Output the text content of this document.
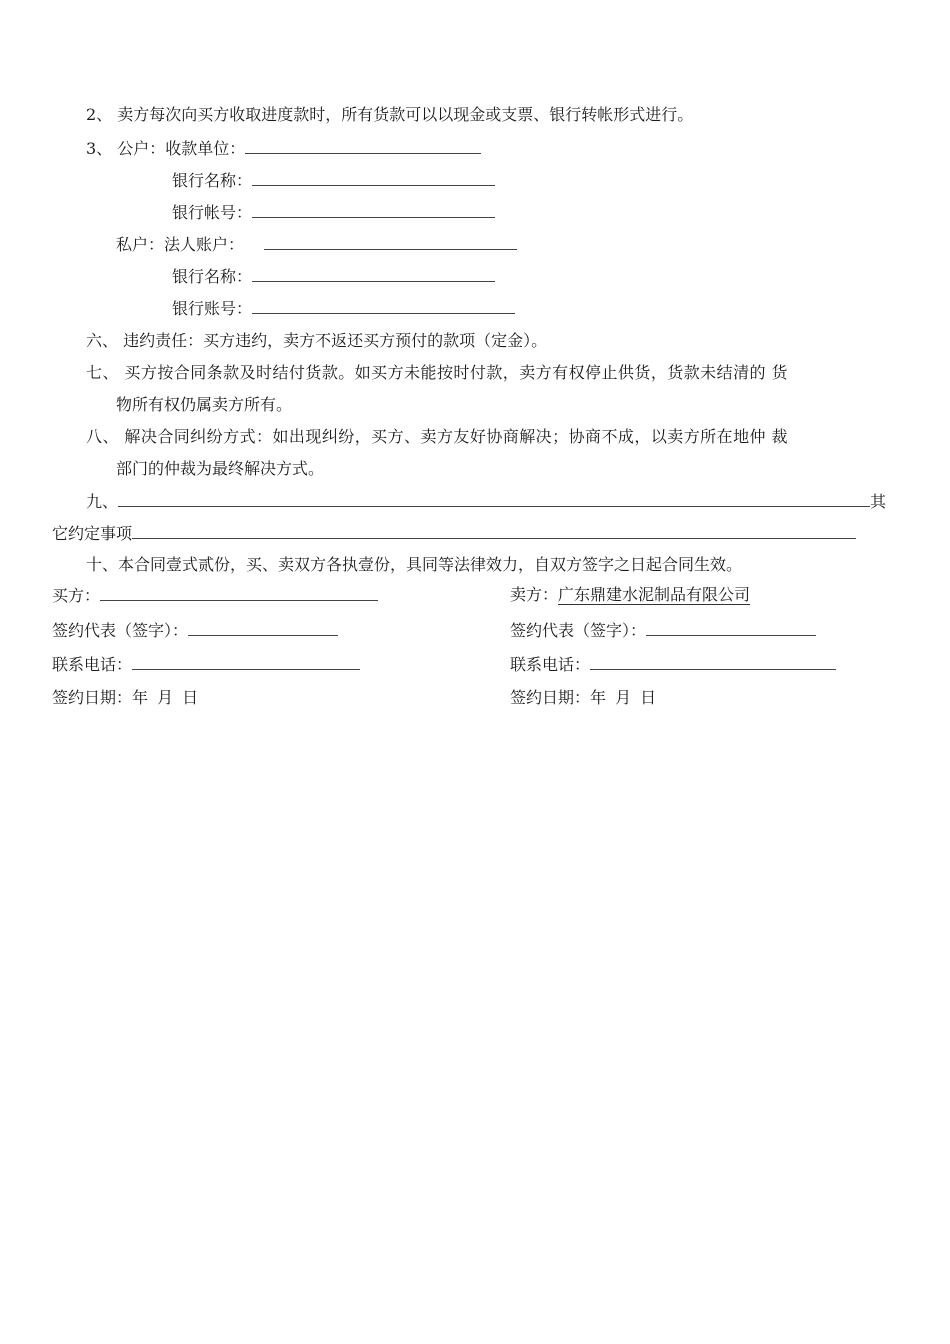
2、 卖方每次向买方收取进度款时，所有货款可以以现金或支票、银行转帐形式进行。
3、 公户：收款单位：
银行名称：
银行帐号：
私户：法人账户：
银行名称：
银行账号：
六、 违约责任：买方违约，卖方不返还买方预付的款项（定金）。
七、 买方按合同条款及时结付货款。如买方未能按时付款，卖方有权停止供货，货款未结清的 货
物所有权仍属卖方所有。
八、 解决合同纠纷方式：如出现纠纷，买方、卖方友好协商解决；协商不成，以卖方所在地仲 裁
部门的仲裁为最终解决方式。
九、	其
它约定事项
十、本合同壹式贰份，买、卖双方各执壹份，具同等法律效力，自双方签字之日起合同生效。
买方：
签约代表（签字）：
联系电话：
签约日期：年 月 日
卖方：广东鼎建水泥制品有限公司
签约代表（签字）：
联系电话：
签约日期：年 月 日
